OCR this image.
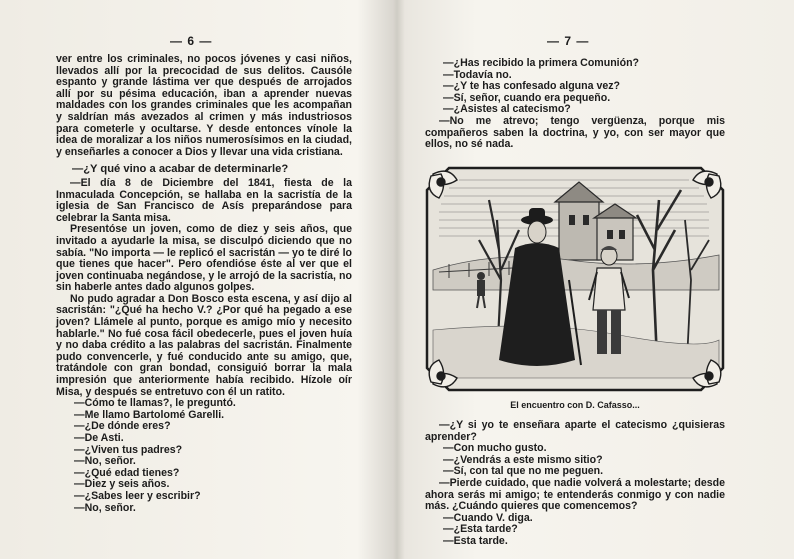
— 6 —

ver entre los criminales, no pocos jóvenes y casi niños, llevados allí por la precocidad de sus delitos. Causóle espanto y grande lástima ver que después de arrojados allí por su pésima educación, iban a aprender nuevas maldades con los grandes criminales que les acompañan y saldrían más avezados al crimen y más industriosos para cometerle y ocultarse. Y desde entonces vínole la idea de moralizar a los niños numerosísimos en la ciudad, y enseñarles a conocer a Dios y llevar una vida cristiana.

—¿Y qué vino a acabar de determinarle?

—El día 8 de Diciembre del 1841, fiesta de la Inmaculada Concepción, se hallaba en la sacristía de la iglesia de San Francisco de Asís preparándose para celebrar la Santa misa.

Presentóse un joven, como de diez y seis años, que invitado a ayudarle la misa, se disculpó diciendo que no sabía. "No importa — le replicó el sacristán — yo te diré lo que tienes que hacer". Pero ofendióse éste al ver que el joven continuaba negándose, y le arrojó de la sacristía, no sin haberle antes dado algunos golpes.

No pudo agradar a Don Bosco esta escena, y así dijo al sacristán: "¿Qué ha hecho V.? ¿Por qué ha pegado a ese joven? Llámele al punto, porque es amigo mío y necesito hablarle." No fué cosa fácil obedecerle, pues el joven huía y no daba crédito a las palabras del sacristán. Finalmente pudo convencerle, y fué conducido ante su amigo, que, tratándole con gran bondad, consiguió borrar la mala impresión que anteriormente había recibido. Hízole oír Misa, y después se entretuvo con él un ratito.

—Cómo te llamas?, le preguntó.

—Me llamo Bartolomé Garelli.

—¿De dónde eres?

—De Asti.

—¿Viven tus padres?

—No, señor.

—¿Qué edad tienes?

—Diez y seis años.

—¿Sabes leer y escribir?

—No, señor.

— 7 —

—¿Has recibido la primera Comunión?

—Todavía no.

—¿Y te has confesado alguna vez?

—Sí, señor, cuando era pequeño.

—¿Asistes al catecismo?

—No me atrevo; tengo vergüenza, porque mis compañeros saben la doctrina, y yo, con ser mayor que ellos, no sé nada.

El encuentro con D. Cafasso...

—¿Y si yo te enseñara aparte el catecismo ¿quisieras aprender?

—Con mucho gusto.

—¿Vendrás a este mismo sitio?

—Sí, con tal que no me peguen.

—Pierde cuidado, que nadie volverá a molestarte; desde ahora serás mi amigo; te entenderás conmigo y con nadie más. ¿Cuándo quieres que comencemos?

—Cuando V. diga.

—¿Esta tarde?

—Esta tarde.
